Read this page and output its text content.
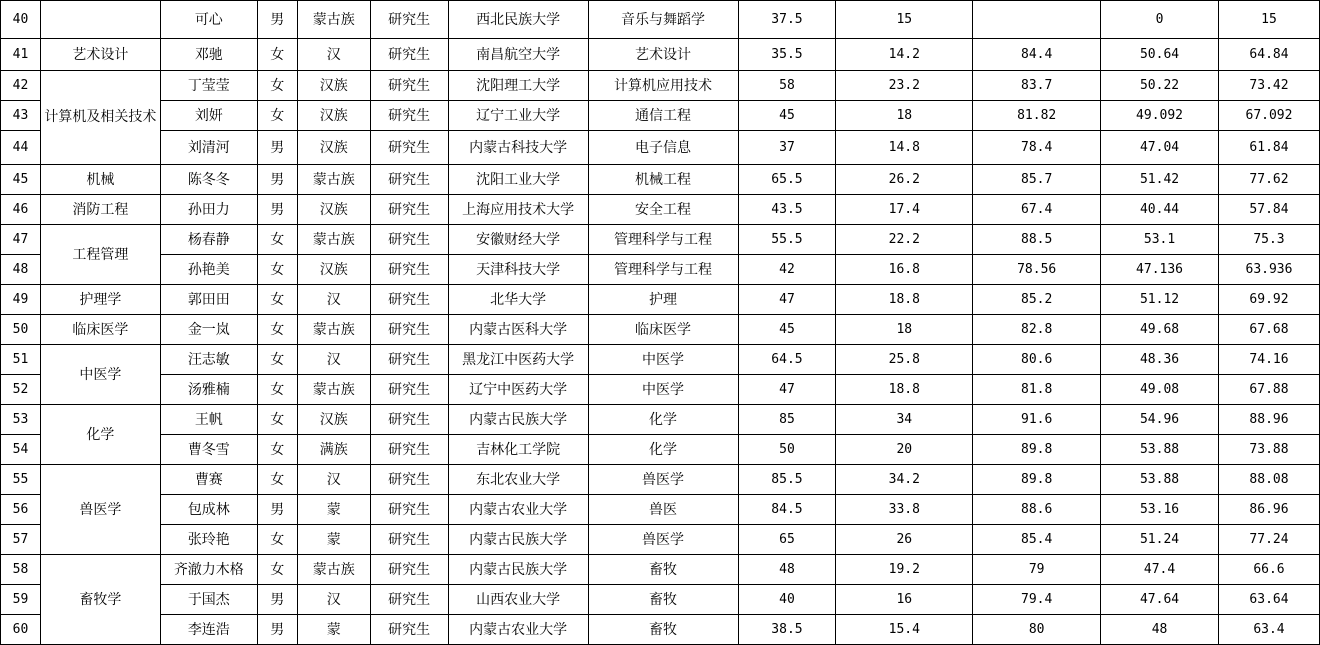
40		可心	男	蒙古族	研究生	西北民族大学	音乐与舞蹈学	37.5	15		0	15
41	艺术设计	邓驰	女	汉	研究生	南昌航空大学	艺术设计	35.5	14.2	84.4	50.64	64.84
42	计算机及相关技术	丁莹莹	女	汉族	研究生	沈阳理工大学	计算机应用技术	58	23.2	83.7	50.22	73.42
43		刘妍	女	汉族	研究生	辽宁工业大学	通信工程	45	18	81.82	49.092	67.092
44		刘清河	男	汉族	研究生	内蒙古科技大学	电子信息	37	14.8	78.4	47.04	61.84
45	机械	陈冬冬	男	蒙古族	研究生	沈阳工业大学	机械工程	65.5	26.2	85.7	51.42	77.62
46	消防工程	孙田力	男	汉族	研究生	上海应用技术大学	安全工程	43.5	17.4	67.4	40.44	57.84
47	工程管理	杨春静	女	蒙古族	研究生	安徽财经大学	管理科学与工程	55.5	22.2	88.5	53.1	75.3
48		孙艳美	女	汉族	研究生	天津科技大学	管理科学与工程	42	16.8	78.56	47.136	63.936
49	护理学	郭田田	女	汉	研究生	北华大学	护理	47	18.8	85.2	51.12	69.92
50	临床医学	金一岚	女	蒙古族	研究生	内蒙古医科大学	临床医学	45	18	82.8	49.68	67.68
51	中医学	汪志敏	女	汉	研究生	黑龙江中医药大学	中医学	64.5	25.8	80.6	48.36	74.16
52		汤雅楠	女	蒙古族	研究生	辽宁中医药大学	中医学	47	18.8	81.8	49.08	67.88
53	化学	王帆	女	汉族	研究生	内蒙古民族大学	化学	85	34	91.6	54.96	88.96
54		曹冬雪	女	满族	研究生	吉林化工学院	化学	50	20	89.8	53.88	73.88
55	兽医学	曹赛	女	汉	研究生	东北农业大学	兽医学	85.5	34.2	89.8	53.88	88.08
56		包成林	男	蒙	研究生	内蒙古农业大学	兽医	84.5	33.8	88.6	53.16	86.96
57		张玲艳	女	蒙	研究生	内蒙古民族大学	兽医学	65	26	85.4	51.24	77.24
58	畜牧学	齐澈力木格	女	蒙古族	研究生	内蒙古民族大学	畜牧	48	19.2	79	47.4	66.6
59		于国杰	男	汉	研究生	山西农业大学	畜牧	40	16	79.4	47.64	63.64
60		李连浩	男	蒙	研究生	内蒙古农业大学	畜牧	38.5	15.4	80	48	63.4
